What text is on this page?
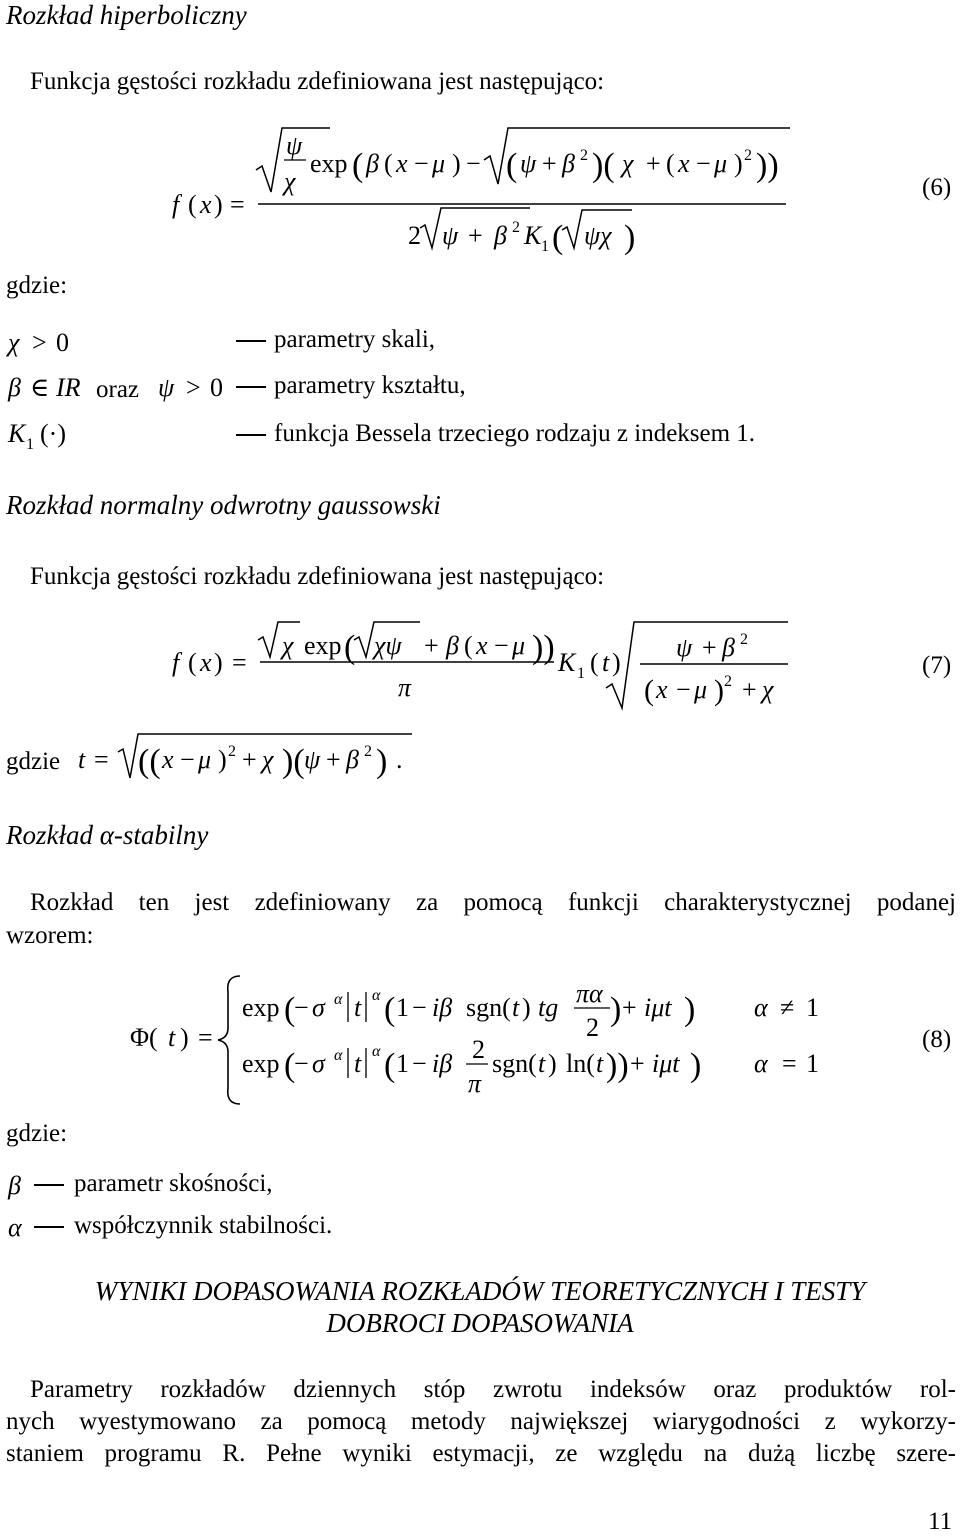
Rozkład hiperboliczny
Funkcja gęstości rozkładu zdefiniowana jest następująco:
f ( x ) =
ψ
χ
exp ( β ( x − μ ) − ( ψ + β 2 )( χ + ( x − μ ) 2 ))
2 ψ + β 2 K 1 ( ψχ )
(6)
gdzie:
χ > 0
β ∈ IR	ψ > 0
K 1 (·)
oraz
parametry skali,
parametry kształtu,
funkcja Bessela trzeciego rodzaju z indeksem 1.
Rozkład normalny odwrotny gaussowski
Funkcja gęstości rozkładu zdefiniowana jest następująco:
f ( x ) =
χ exp ( χψ + β ( x − μ ))
π
K 1 ( t )
ψ + β 2
( x − μ ) 2 + χ
(7)
gdzie t = (( x − μ ) 2 + χ )( ψ + β 2 ) .
Rozkład α-stabilny
Rozkład ten jest zdefiniowany za pomocą funkcji charakterystycznej podanej
wzorem:
Φ( t ) =
exp (
− σ α t α ( 1 − iβ sgn( t ) tg πα
2 ) + iμt ) α ≠ 1
exp (
− σ α t α ( 1 − iβ 2
π
sgn( t ) ln( t )) + iμt ) α = 1
(8)
gdzie:
β
α
parametr skośności,
współczynnik stabilności.
WYNIKI DOPASOWANIA ROZKŁADÓW TEORETYCZNYCH I TESTY
DOBROCI DOPASOWANIA
Parametry rozkładów dziennych stóp zwrotu indeksów oraz produktów rol-
nych wyestymowano za pomocą metody największej wiarygodności z wykorzy-
staniem programu R. Pełne wyniki estymacji, ze względu na dużą liczbę szere-
11
